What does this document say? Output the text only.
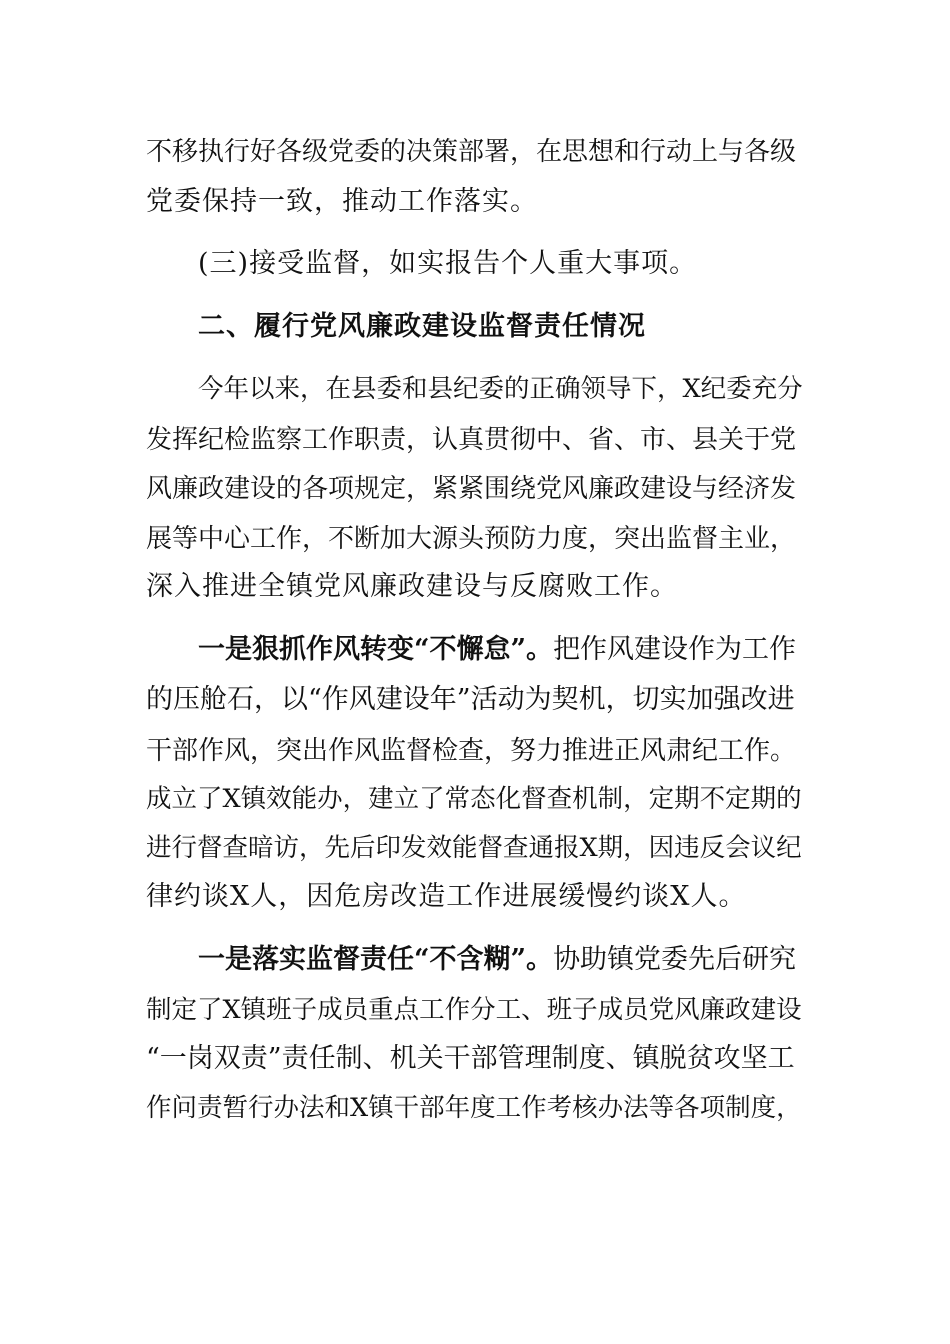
不移执行好各级党委的决策部署，在思想和行动上与各级
党委保持一致，推动工作落实。
(三)接受监督，如实报告个人重大事项。
二、履行党风廉政建设监督责任情况
今年以来，在县委和县纪委的正确领导下，X纪委充分
发挥纪检监察工作职责，认真贯彻中、省、市、县关于党
风廉政建设的各项规定，紧紧围绕党风廉政建设与经济发
展等中心工作，不断加大源头预防力度，突出监督主业，
深入推进全镇党风廉政建设与反腐败工作。
一是狠抓作风转变“不懈怠”。把作风建设作为工作
的压舱石，以“作风建设年”活动为契机，切实加强改进
干部作风，突出作风监督检查，努力推进正风肃纪工作。
成立了X镇效能办，建立了常态化督查机制，定期不定期的
进行督查暗访，先后印发效能督查通报X期，因违反会议纪
律约谈X人，因危房改造工作进展缓慢约谈X人。
一是落实监督责任“不含糊”。协助镇党委先后研究
制定了X镇班子成员重点工作分工、班子成员党风廉政建设
“一岗双责”责任制、机关干部管理制度、镇脱贫攻坚工
作问责暂行办法和X镇干部年度工作考核办法等各项制度，
